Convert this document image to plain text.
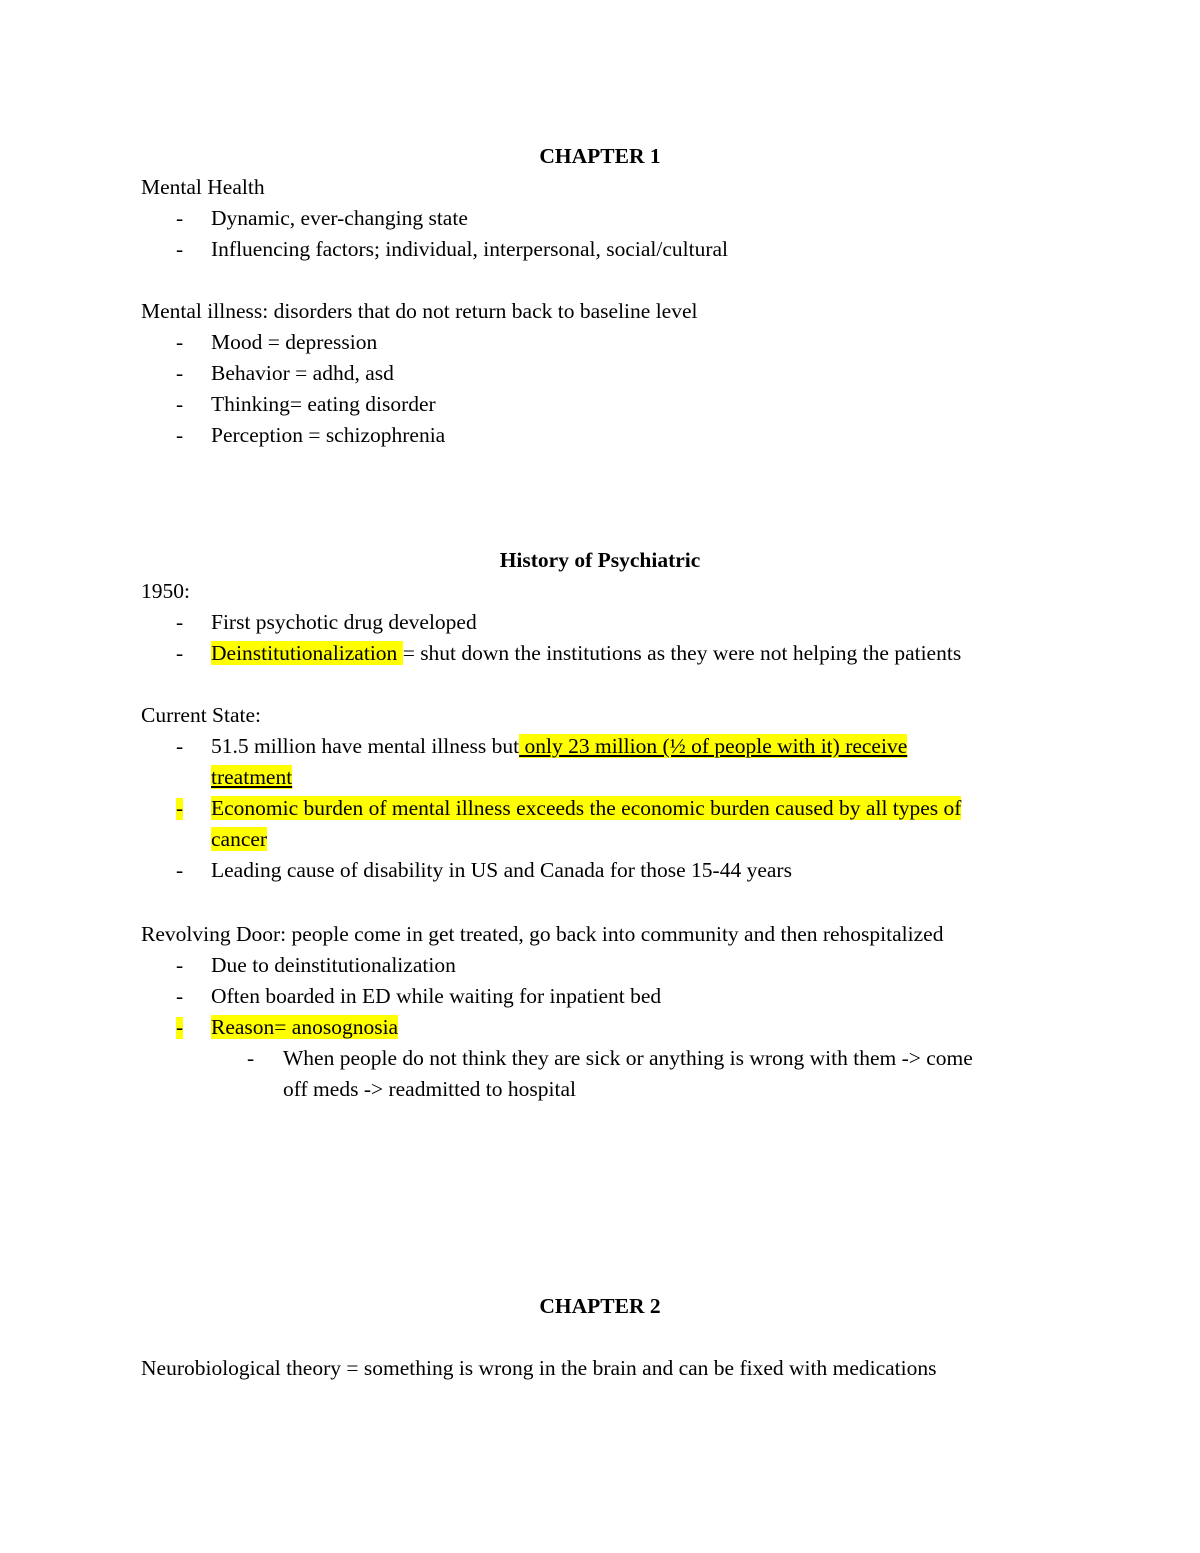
CHAPTER 1
Mental Health
- Dynamic, ever-changing state
- Influencing factors; individual, interpersonal, social/cultural
Mental illness: disorders that do not return back to baseline level
- Mood = depression
- Behavior = adhd, asd
- Thinking= eating disorder
- Perception = schizophrenia
History of Psychiatric
1950:
- First psychotic drug developed
- Deinstitutionalization = shut down the institutions as they were not helping the patients
Current State:
- 51.5 million have mental illness but only 23 million (½ of people with it) receive
treatment
- Economic burden of mental illness exceeds the economic burden caused by all types of
cancer
- Leading cause of disability in US and Canada for those 15-44 years
Revolving Door: people come in get treated, go back into community and then rehospitalized
- Due to deinstitutionalization
- Often boarded in ED while waiting for inpatient bed
- Reason= anosognosia
- When people do not think they are sick or anything is wrong with them -> come
off meds -> readmitted to hospital
CHAPTER 2
Neurobiological theory = something is wrong in the brain and can be fixed with medications
